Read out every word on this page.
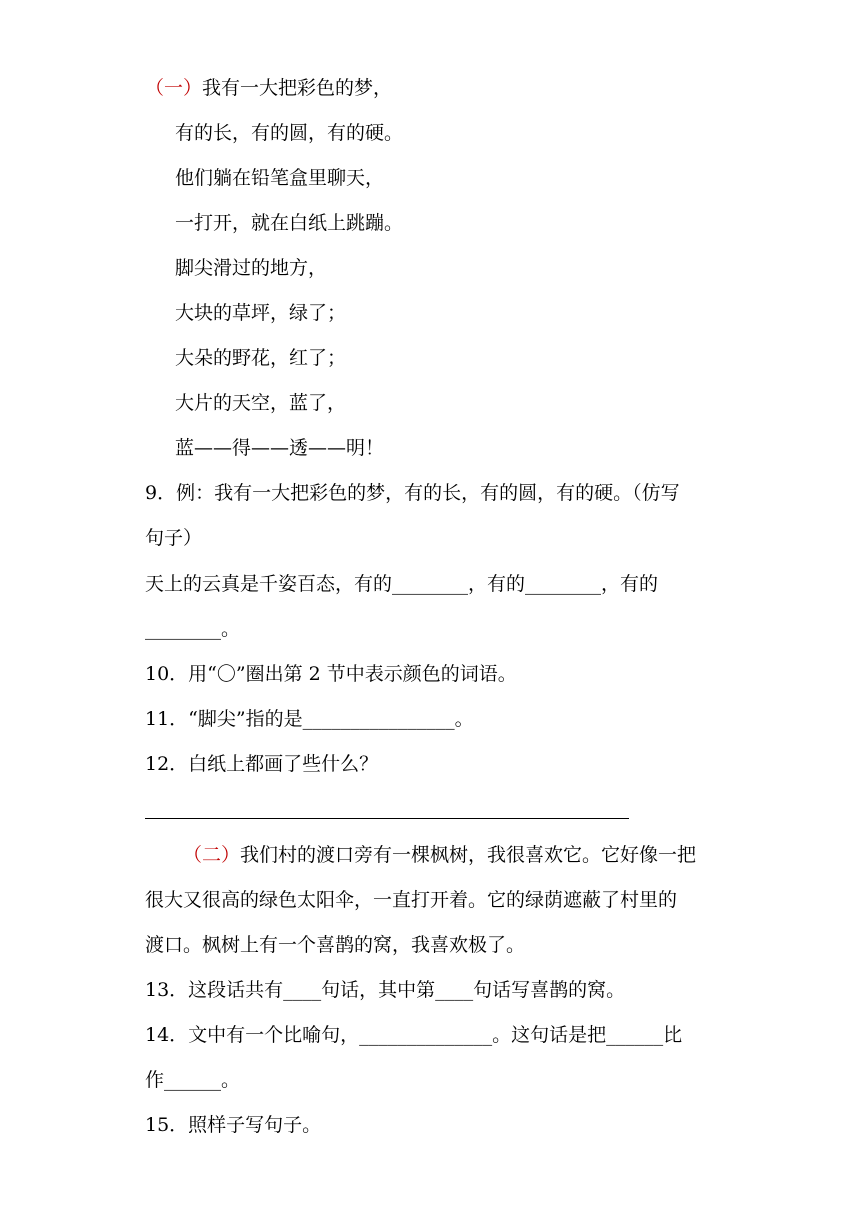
（一）我有一大把彩色的梦，
有的长，有的圆，有的硬。
他们躺在铅笔盒里聊天，
一打开，就在白纸上跳蹦。
脚尖滑过的地方，
大块的草坪，绿了；
大朵的野花，红了；
大片的天空，蓝了，
蓝——得——透——明！
9．例：我有一大把彩色的梦，有的长，有的圆，有的硬。（仿写
句子）
天上的云真是千姿百态，有的________，有的________，有的
________。
10．用“〇”圈出第 2 节中表示颜色的词语。
11．“脚尖”指的是________________。
12．白纸上都画了些什么？
（二）我们村的渡口旁有一棵枫树，我很喜欢它。它好像一把
很大又很高的绿色太阳伞，一直打开着。它的绿荫遮蔽了村里的
渡口。枫树上有一个喜鹊的窝，我喜欢极了。
13．这段话共有____句话，其中第____句话写喜鹊的窝。
14．文中有一个比喻句，______________。这句话是把______比
作______。
15．照样子写句子。
